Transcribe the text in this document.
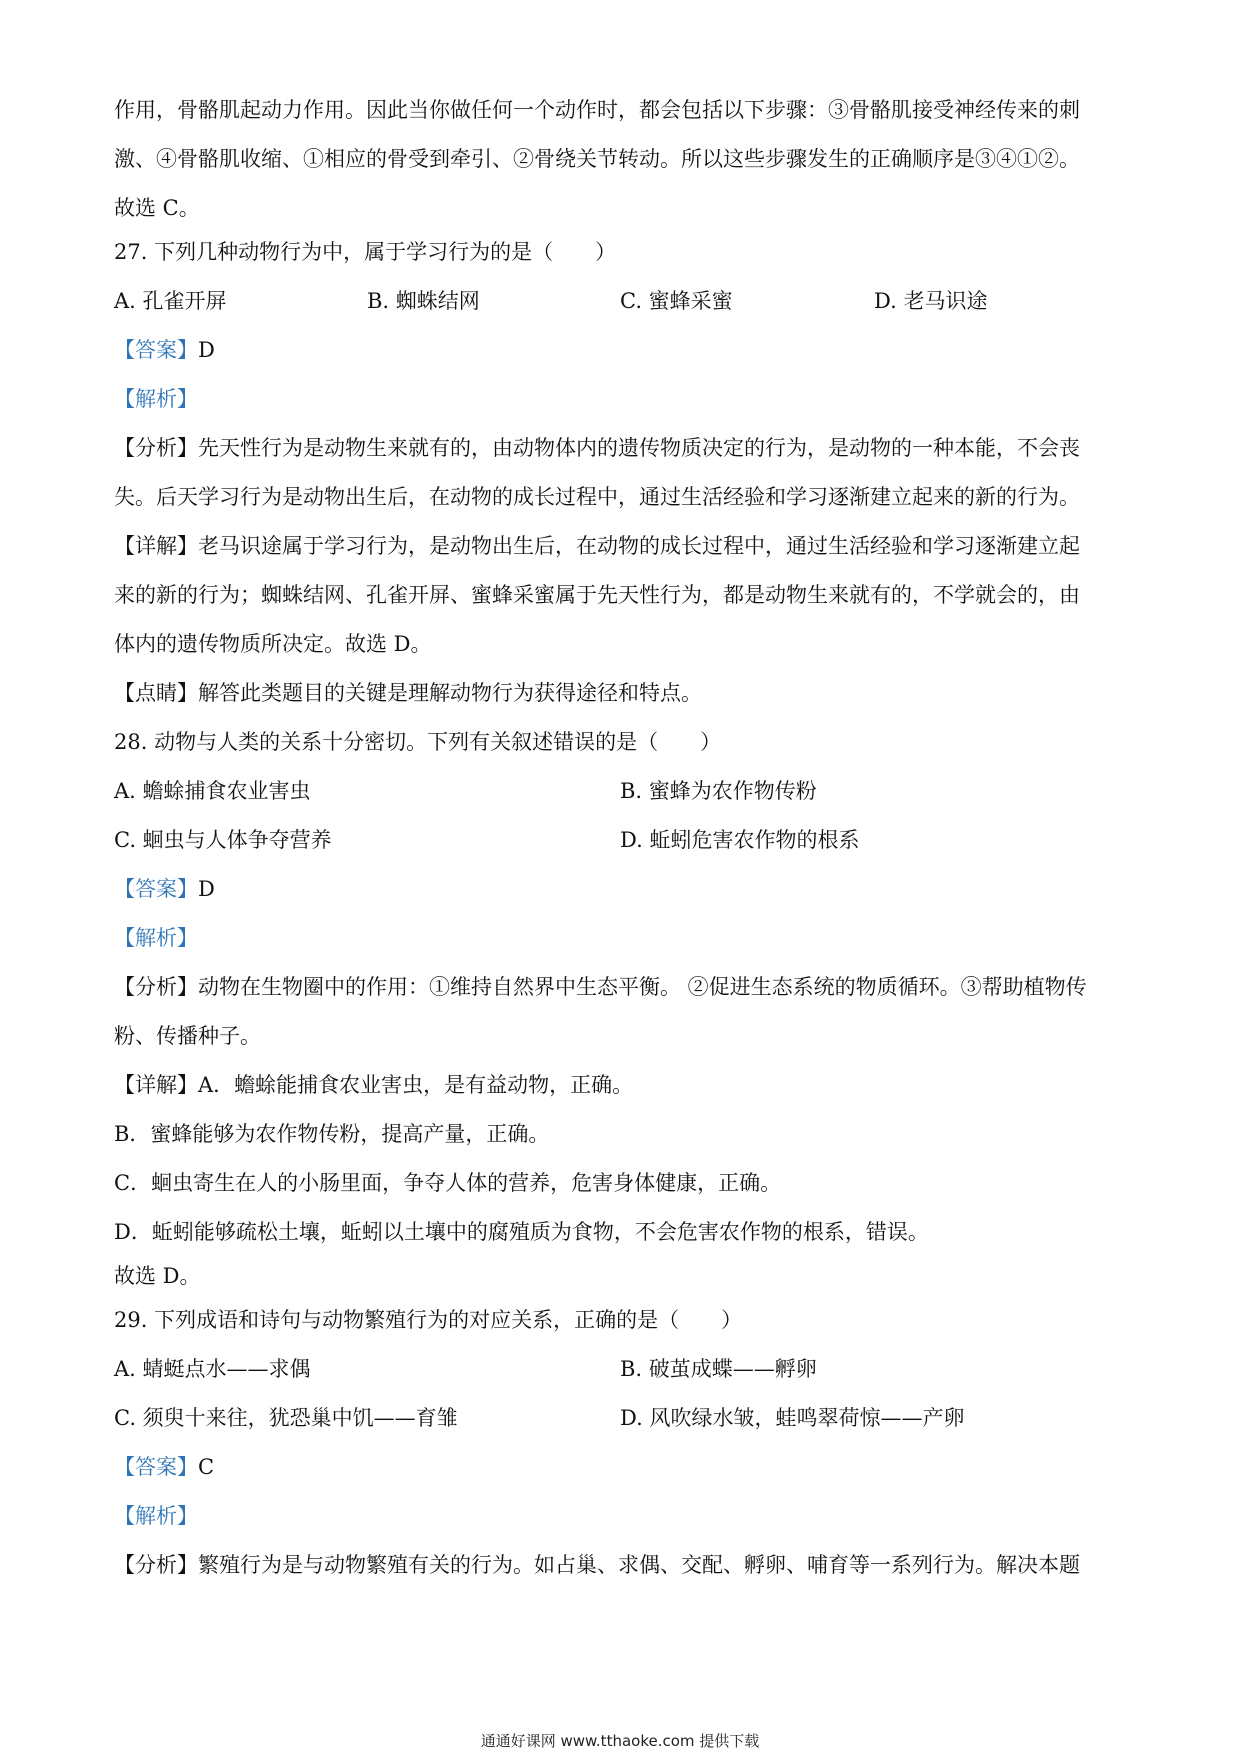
作用，骨骼肌起动力作用。因此当你做任何一个动作时，都会包括以下步骤：③骨骼肌接受神经传来的刺
激、④骨骼肌收缩、①相应的骨受到牵引、②骨绕关节转动。所以这些步骤发生的正确顺序是③④①②。
故选 C。
27. 下列几种动物行为中，属于学习行为的是（　　）
A. 孔雀开屏	B. 蜘蛛结网	C. 蜜蜂采蜜	D. 老马识途
【答案】D
【解析】
【分析】先天性行为是动物生来就有的，由动物体内的遗传物质决定的行为，是动物的一种本能，不会丧
失。后天学习行为是动物出生后，在动物的成长过程中，通过生活经验和学习逐渐建立起来的新的行为。
【详解】老马识途属于学习行为，是动物出生后，在动物的成长过程中，通过生活经验和学习逐渐建立起
来的新的行为；蜘蛛结网、孔雀开屏、蜜蜂采蜜属于先天性行为，都是动物生来就有的，不学就会的，由
体内的遗传物质所决定。故选 D。
【点睛】解答此类题目的关键是理解动物行为获得途径和特点。
28. 动物与人类的关系十分密切。下列有关叙述错误的是（　　）
A. 蟾蜍捕食农业害虫	B. 蜜蜂为农作物传粉
C. 蛔虫与人体争夺营养	D. 蚯蚓危害农作物的根系
【答案】D
【解析】
【分析】动物在生物圈中的作用：①维持自然界中生态平衡。 ②促进生态系统的物质循环。③帮助植物传
粉、传播种子。
【详解】A．蟾蜍能捕食农业害虫，是有益动物，正确。
B．蜜蜂能够为农作物传粉，提高产量，正确。
C．蛔虫寄生在人的小肠里面，争夺人体的营养，危害身体健康，正确。
D．蚯蚓能够疏松土壤，蚯蚓以土壤中的腐殖质为食物，不会危害农作物的根系，错误。
故选 D。
29. 下列成语和诗句与动物繁殖行为的对应关系，正确的是（　　）
A. 蜻蜓点水——求偶	B. 破茧成蝶——孵卵
C. 须臾十来往，犹恐巢中饥——育雏	D. 风吹绿水皱，蛙鸣翠荷惊——产卵
【答案】C
【解析】
【分析】繁殖行为是与动物繁殖有关的行为。如占巢、求偶、交配、孵卵、哺育等一系列行为。解决本题
通通好课网 www.tthaoke.com 提供下载
